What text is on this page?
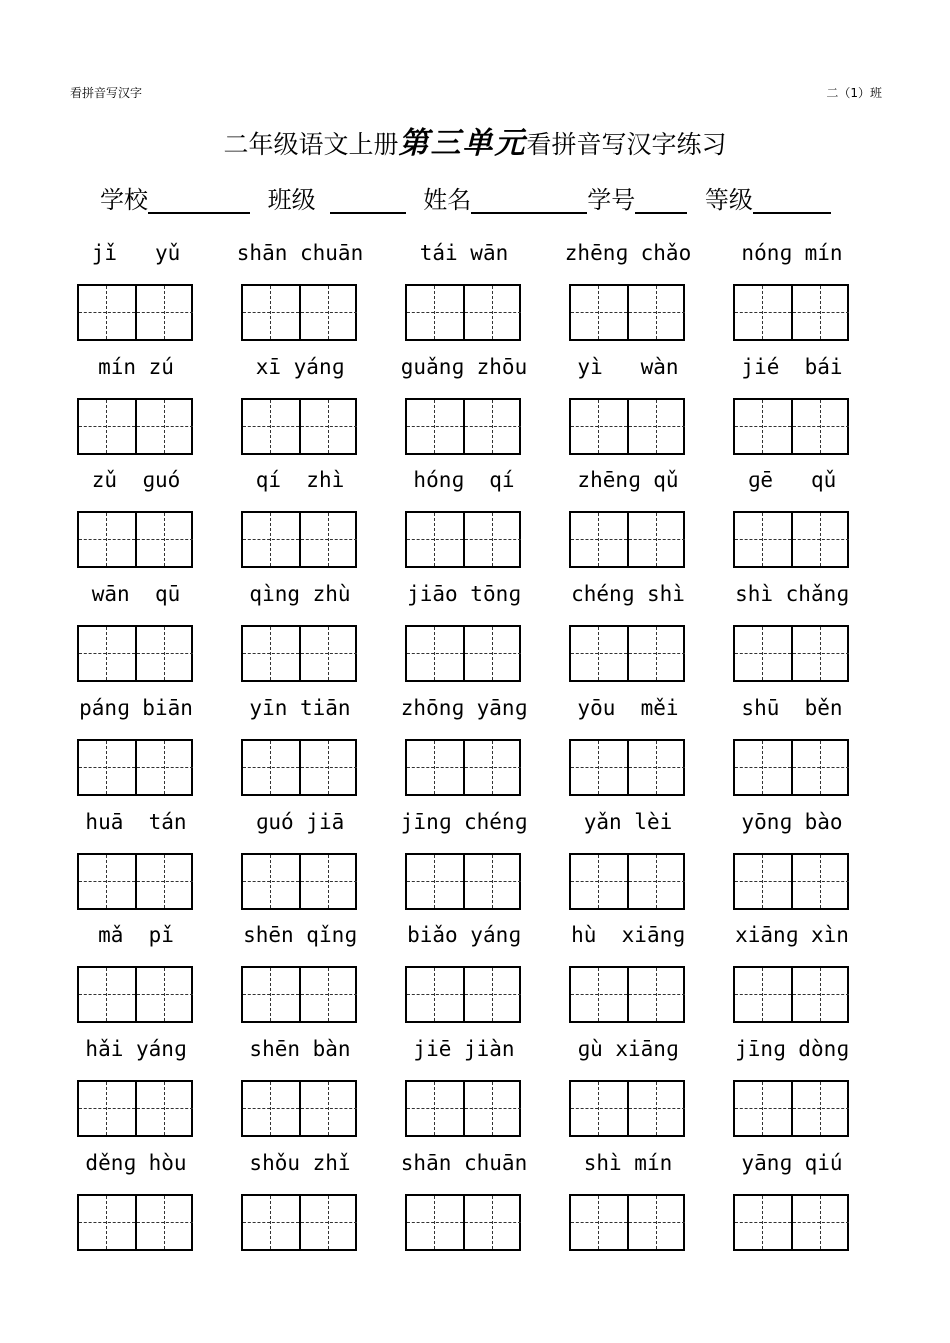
看拼音写汉字	二（1）班
二年级语文上册第三单元看拼音写汉字练习
学校	班级	姓名	学号	等级
jǐ   yǔ	shān chuān	tái wān	zhēnɡ chǎo	nónɡ mín
mín zú	xī yánɡ	guǎnɡ zhōu	yì   wàn	jié  bái
zǔ  ɡuó	qí  zhì	hónɡ  qí	zhēnɡ qǔ	ɡē   qǔ
wān  qū	qìng zhù	jiāo tōnɡ	chénɡ shì	shì chǎnɡ
pánɡ biān	yīn tiān	zhōnɡ yānɡ	yōu  měi	shū  běn
huā  tán	ɡuó jiā	jīnɡ chénɡ	yǎn lèi	yōnɡ bào
mǎ  pǐ	shēn qǐnɡ	biǎo yánɡ	hù  xiānɡ	xiānɡ xìn
hǎi yánɡ	shēn bàn	jiē jiàn	ɡù xiānɡ	jīnɡ dònɡ
děnɡ hòu	shǒu zhǐ	shān chuān	shì mín	yānɡ qiú
